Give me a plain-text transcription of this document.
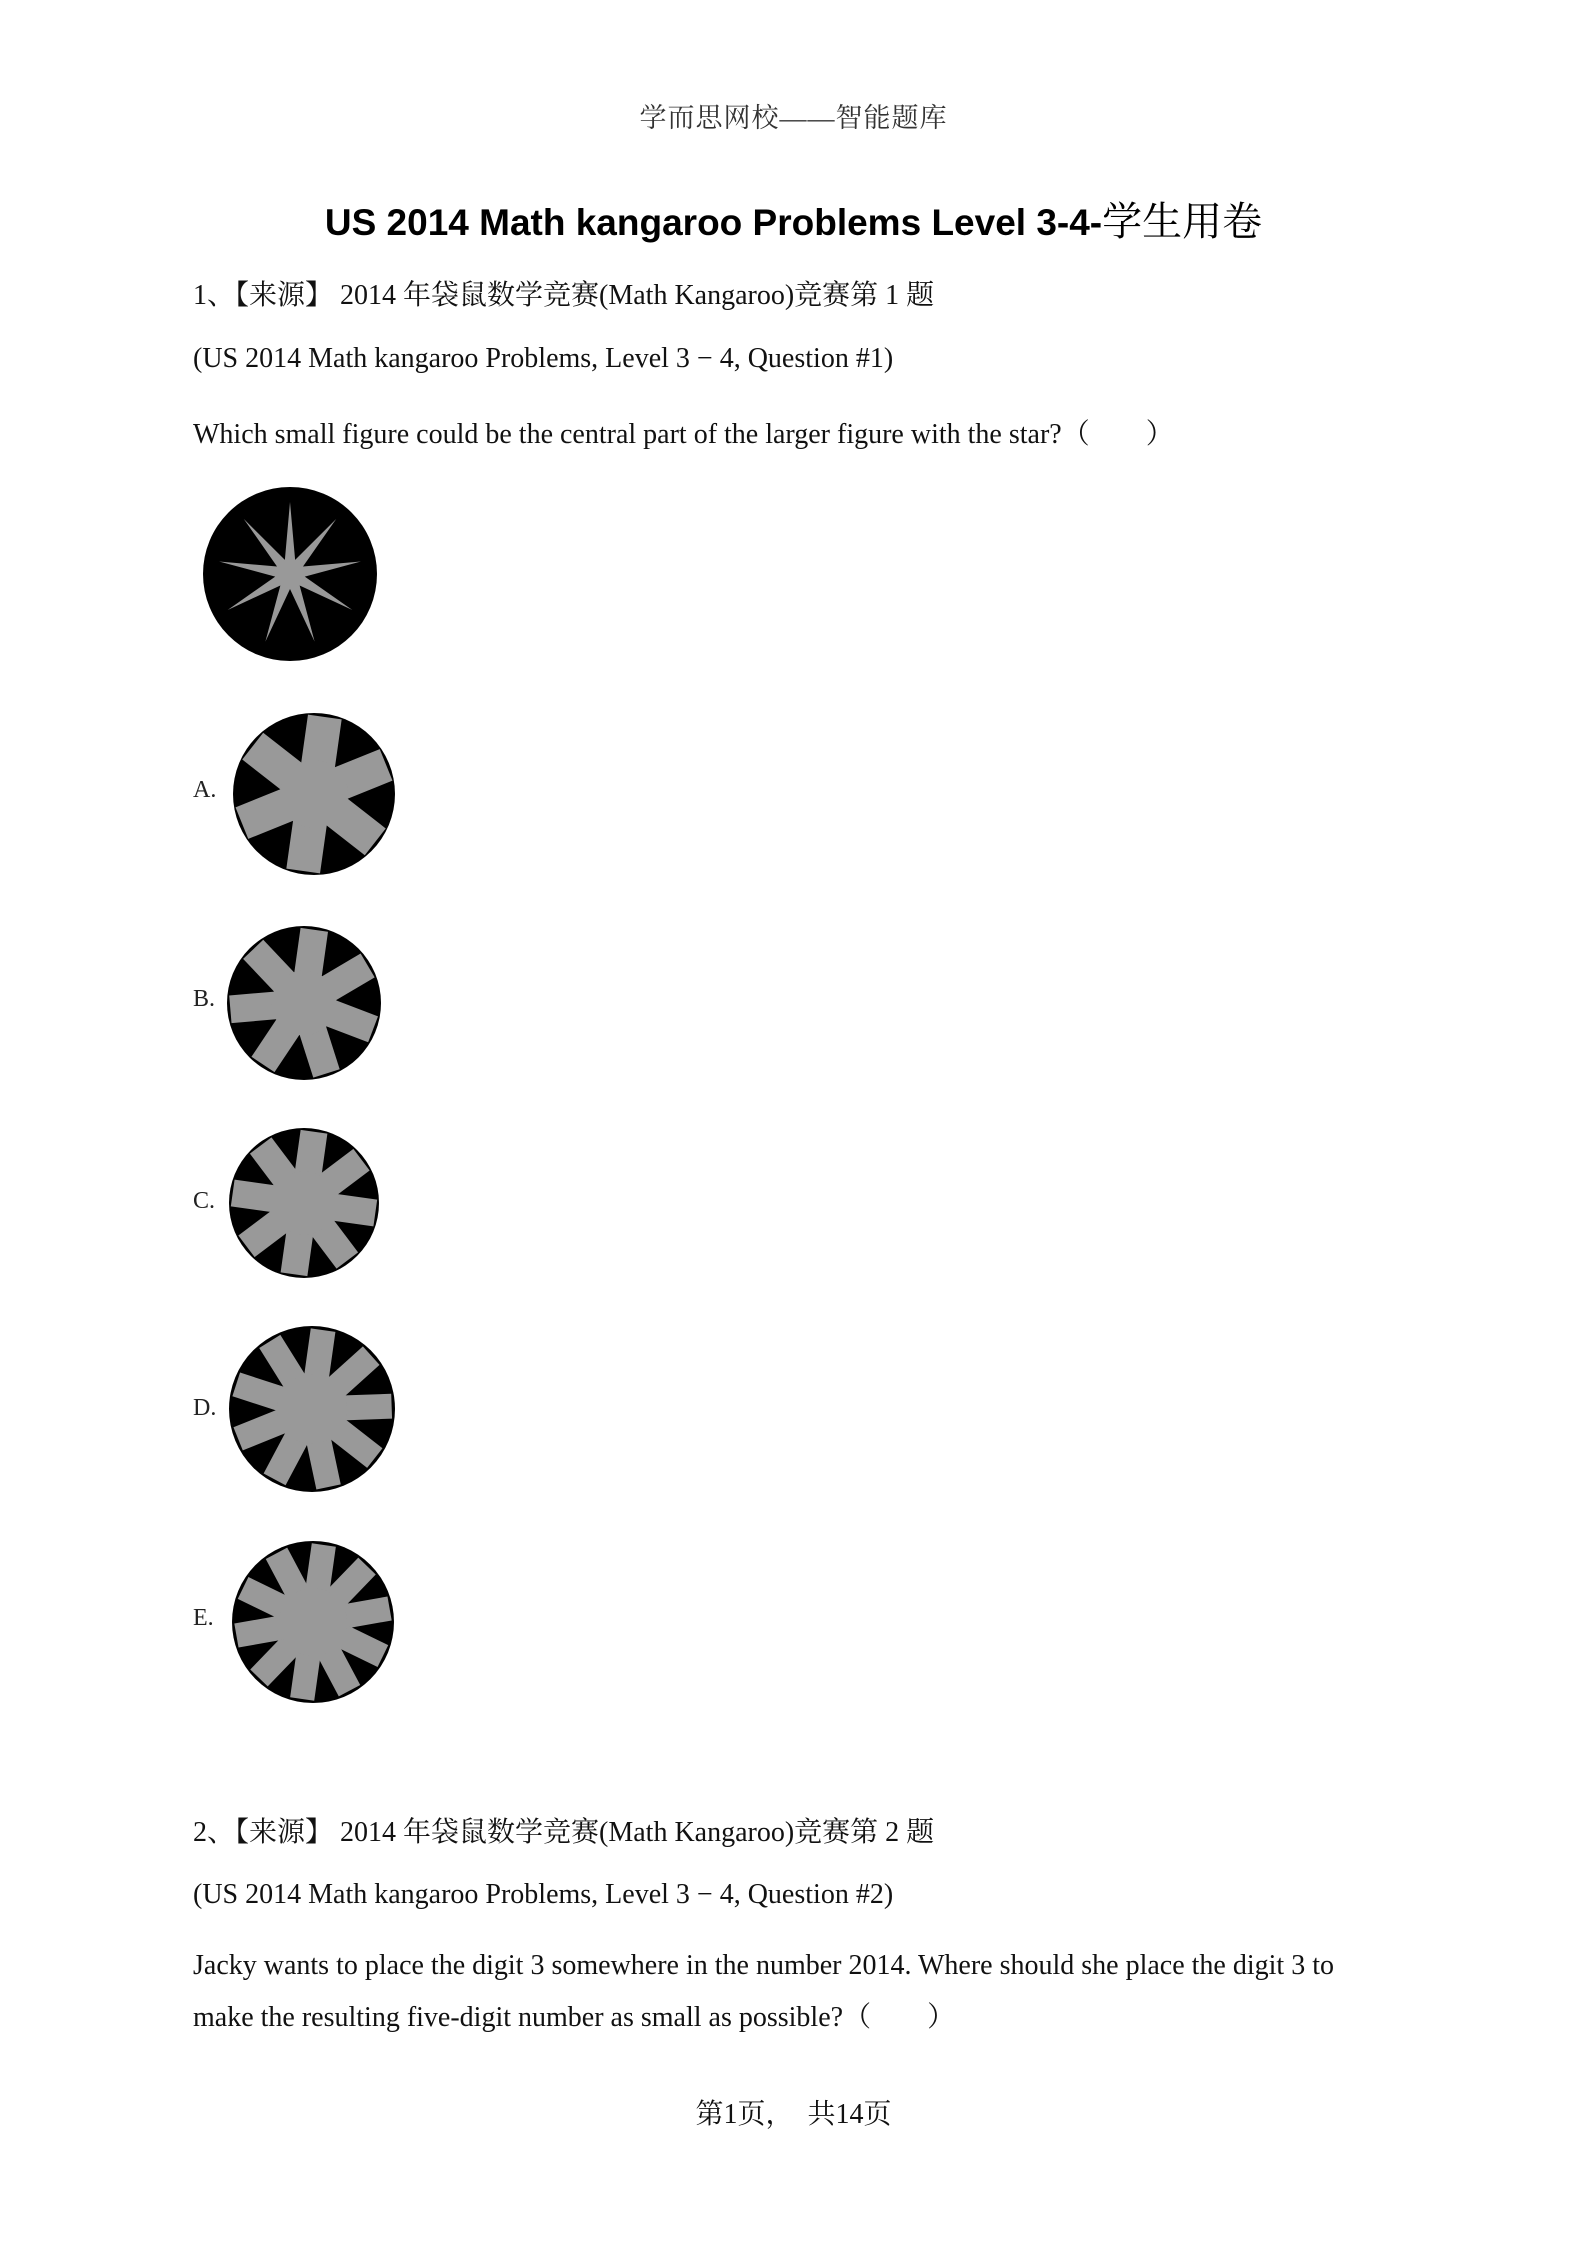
学而思网校——智能题库
US 2014 Math kangaroo Problems Level 3-4-学生用卷
1、【来源】 2014 年袋鼠数学竞赛(Math Kangaroo)竞赛第 1 题
(US 2014 Math kangaroo Problems, Level 3 − 4, Question #1)
Which small figure could be the central part of the larger figure with the star?（　　）
A.
B.
C.
D.
E.
2、【来源】 2014 年袋鼠数学竞赛(Math Kangaroo)竞赛第 2 题
(US 2014 Math kangaroo Problems, Level 3 − 4, Question #2)
Jacky wants to place the digit 3 somewhere in the number 2014. Where should she place the digit 3 to make the resulting five-digit number as small as possible?（　　）
第1页，　共14页
